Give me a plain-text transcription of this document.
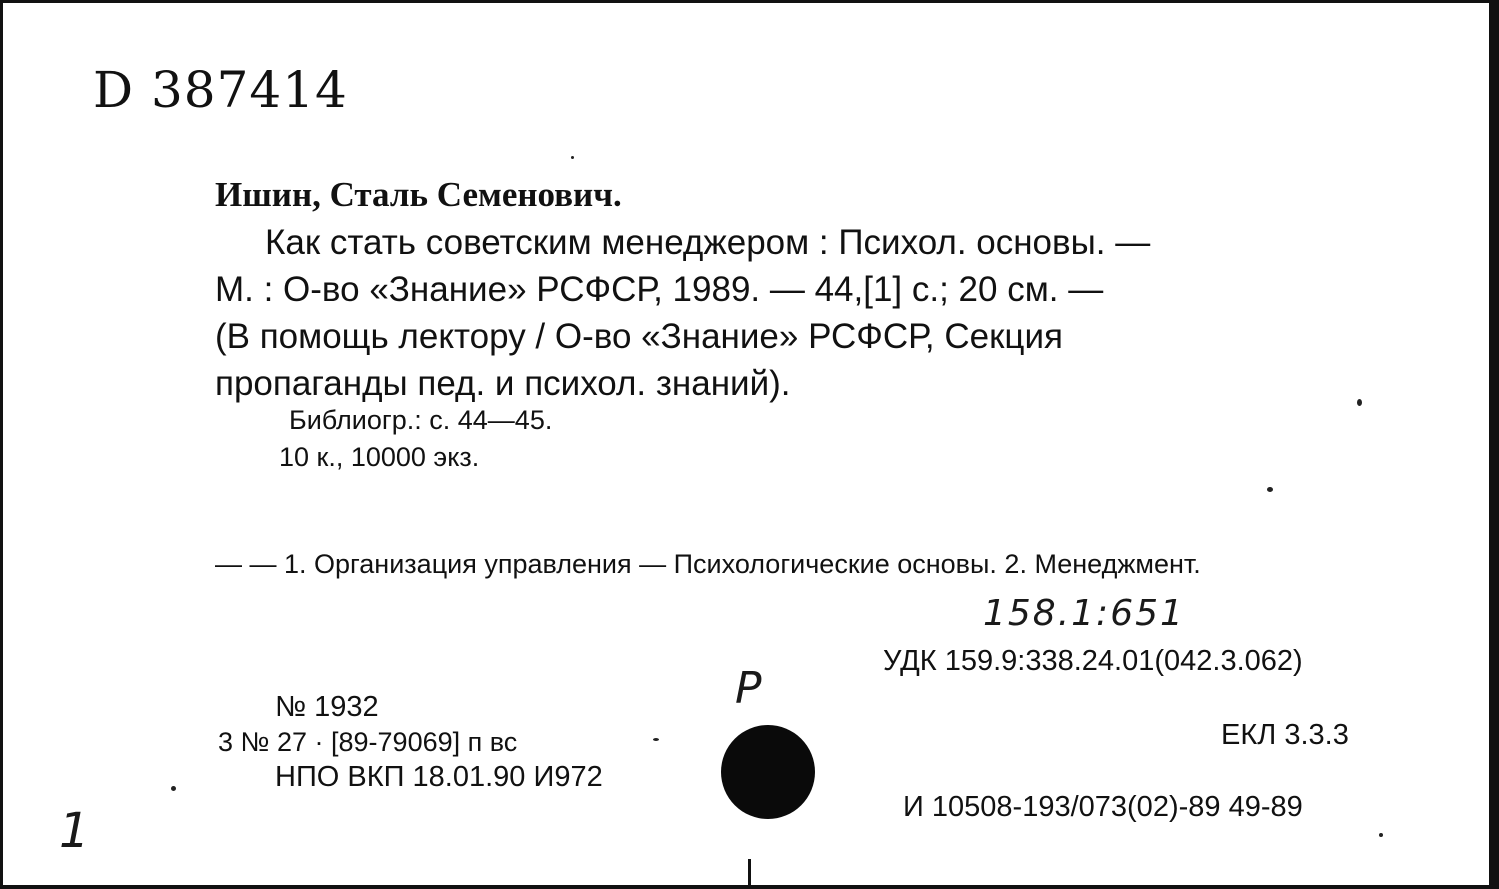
D 387414
Ишин, Сталь Семенович.
Как стать советским менеджером : Психол. основы. —
М. : О-во «Знание» РСФСР, 1989. — 44,[1] с.; 20 см. —
(В помощь лектору / О-во «Знание» РСФСР, Секция
пропаганды пед. и психол. знаний).
Библиогр.: с. 44—45.
10 к., 10000 экз.
— — 1. Организация управления — Психологические основы. 2. Менеджмент.
158.1:651
УДК 159.9:338.24.01(042.3.062)
ЕКЛ 3.3.3
P
№ 1932
3 № 27 · [89-79069] п вс
НПО ВКП 18.01.90 И972
И 10508-193/073(02)-89 49-89
1
